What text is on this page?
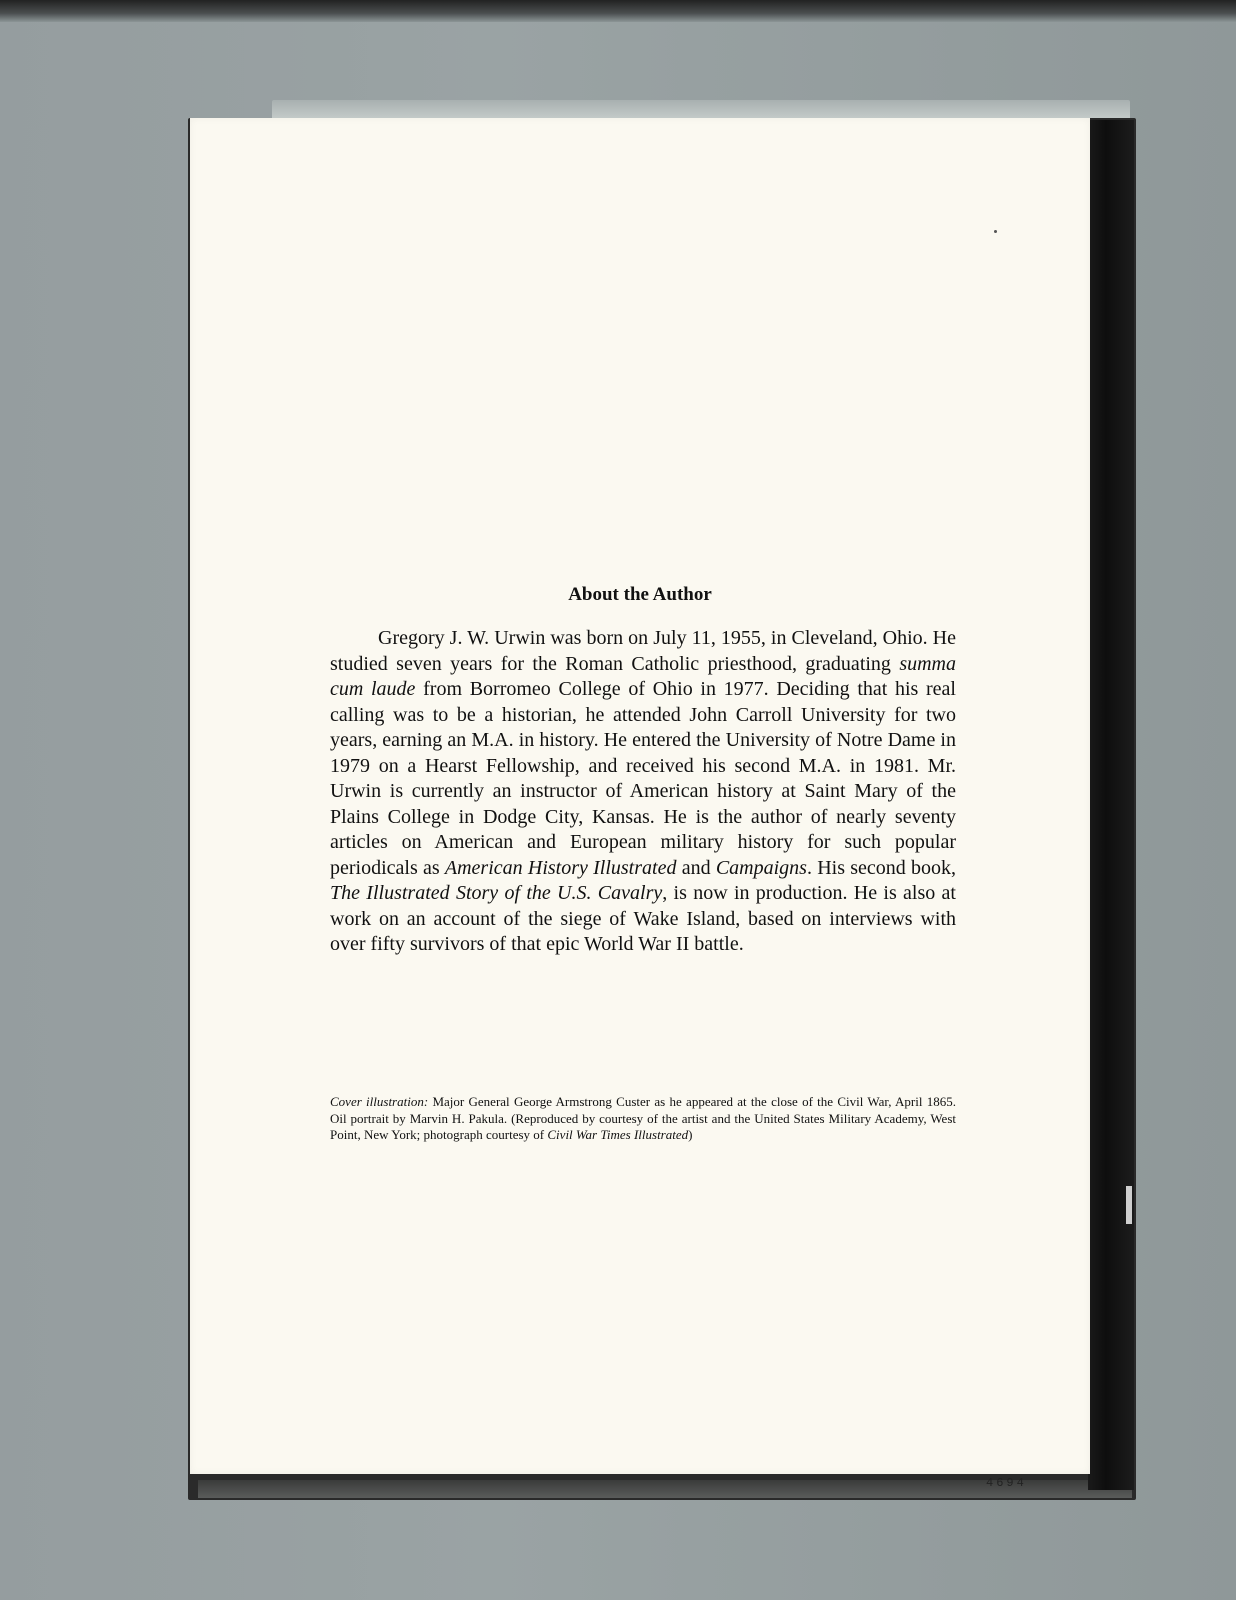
About the Author

Gregory J. W. Urwin was born on July 11, 1955, in Cleveland, Ohio. He studied seven years for the Roman Catholic priesthood, graduating summa cum laude from Borromeo College of Ohio in 1977. Deciding that his real calling was to be a historian, he attended John Carroll University for two years, earning an M.A. in history. He entered the University of Notre Dame in 1979 on a Hearst Fellowship, and received his second M.A. in 1981. Mr. Urwin is currently an instructor of American history at Saint Mary of the Plains College in Dodge City, Kansas. He is the author of nearly seventy articles on American and European military history for such popular periodicals as American History Illustrated and Campaigns. His second book, The Illustrated Story of the U.S. Cavalry, is now in production. He is also at work on an account of the siege of Wake Island, based on interviews with over fifty survivors of that epic World War II battle.

Cover illustration: Major General George Armstrong Custer as he appeared at the close of the Civil War, April 1865. Oil portrait by Marvin H. Pakula. (Reproduced by courtesy of the artist and the United States Military Academy, West Point, New York; photograph courtesy of Civil War Times Illustrated)

4694
